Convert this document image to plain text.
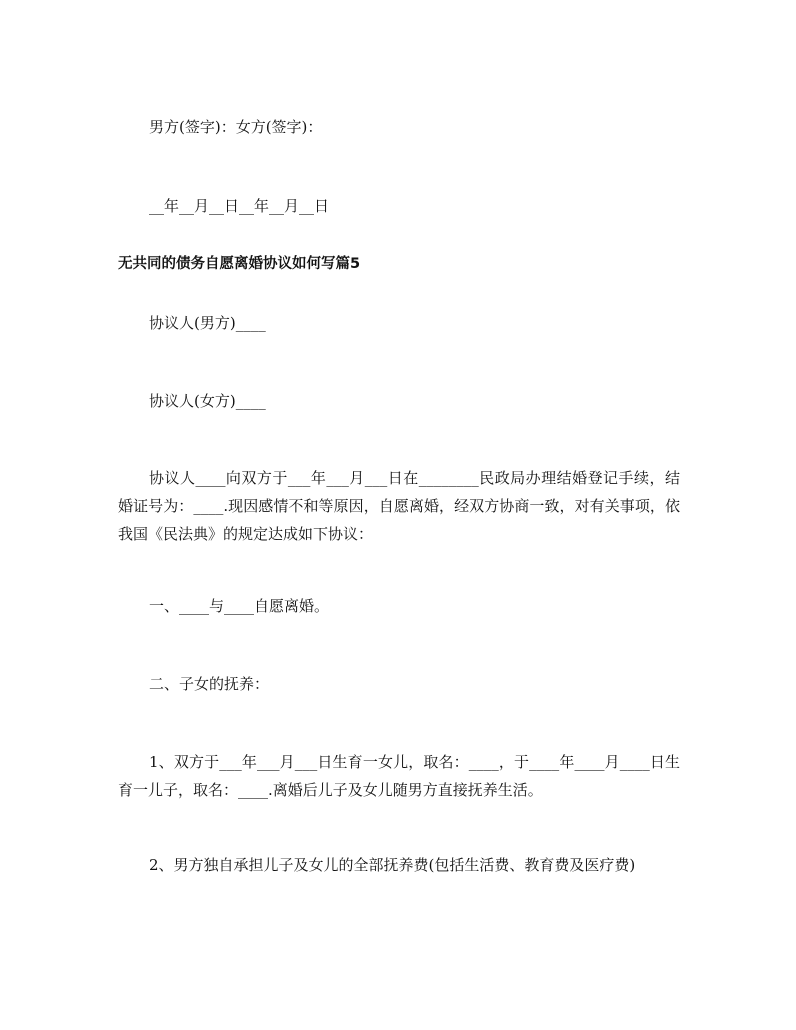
男方(签字)：女方(签字)：
__年__月__日__年__月__日
无共同的债务自愿离婚协议如何写篇5
协议人(男方)____
协议人(女方)____
协议人____向双方于___年___月___日在________民政局办理结婚登记手续，结婚证号为：____.现因感情不和等原因，自愿离婚，经双方协商一致，对有关事项，依我国《民法典》的规定达成如下协议：
一、____与____自愿离婚。
二、子女的抚养：
1、双方于___年___月___日生育一女儿，取名：____，于____年____月____日生育一儿子，取名：____.离婚后儿子及女儿随男方直接抚养生活。
2、男方独自承担儿子及女儿的全部抚养费(包括生活费、教育费及医疗费)
